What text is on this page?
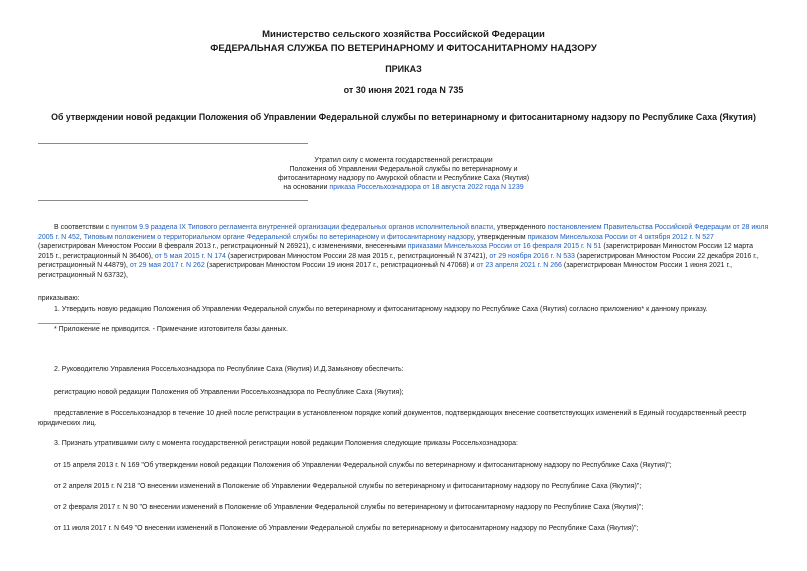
Министерство сельского хозяйства Российской Федерации
ФЕДЕРАЛЬНАЯ СЛУЖБА ПО ВЕТЕРИНАРНОМУ И ФИТОСАНИТАРНОМУ НАДЗОРУ
ПРИКАЗ
от 30 июня 2021 года N 735
Об утверждении новой редакции Положения об Управлении Федеральной службы по ветеринарному и фитосанитарному надзору по Республике Саха (Якутия)
Утратил силу с момента государственной регистрации
Положения об Управлении Федеральной службы по ветеринарному и
фитосанитарному надзору по Амурской области и Республике Саха (Якутия)
на основании приказа Россельхознадзора от 18 августа 2022 года N 1239
В соответствии с пунктом 9.9 раздела IX Типового регламента внутренней организации федеральных органов исполнительной власти, утвержденного постановлением Правительства Российской Федерации от 28 июля 2005 г. N 452, Типовым положением о территориальном органе Федеральной службы по ветеринарному и фитосанитарному надзору, утвержденным приказом Минсельхоза России от 4 октября 2012 г. N 527 (зарегистрирован Минюстом России 8 февраля 2013 г., регистрационный N 26921), с изменениями, внесенными приказами Минсельхоза России от 16 февраля 2015 г. N 51 (зарегистрирован Минюстом России 12 марта 2015 г., регистрационный N 36406), от 5 мая 2015 г. N 174 (зарегистрирован Минюстом России 28 мая 2015 г., регистрационный N 37421), от 29 ноября 2016 г. N 533 (зарегистрирован Минюстом России 22 декабря 2016 г., регистрационный N 44879), от 29 мая 2017 г. N 262 (зарегистрирован Минюстом России 19 июня 2017 г., регистрационный N 47068) и от 23 апреля 2021 г. N 266 (зарегистрирован Минюстом России 1 июня 2021 г., регистрационный N 63732),
приказываю:
1. Утвердить новую редакцию Положения об Управлении Федеральной службы по ветеринарному и фитосанитарному надзору по Республике Саха (Якутия) согласно приложению* к данному приказу.
________________
* Приложение не приводится. - Примечание изготовителя базы данных.
2. Руководителю Управления Россельхознадзора по Республике Саха (Якутия) И.Д.Замьянову обеспечить:
регистрацию новой редакции Положения об Управлении Россельхознадзора по Республике Саха (Якутия);
представление в Россельхознадзор в течение 10 дней после регистрации в установленном порядке копий документов, подтверждающих внесение соответствующих изменений в Единый государственный реестр юридических лиц.
3. Признать утратившими силу с момента государственной регистрации новой редакции Положения следующие приказы Россельхознадзора:
от 15 апреля 2013 г. N 169 "Об утверждении новой редакции Положения об Управлении Федеральной службы по ветеринарному и фитосанитарному надзору по Республике Саха (Якутия)";
от 2 апреля 2015 г. N 218 "О внесении изменений в Положение об Управлении Федеральной службы по ветеринарному и фитосанитарному надзору по Республике Саха (Якутия)";
от 2 февраля 2017 г. N 90 "О внесении изменений в Положение об Управлении Федеральной службы по ветеринарному и фитосанитарному надзору по Республике Саха (Якутия)";
от 11 июля 2017 г. N 649 "О внесении изменений в Положение об Управлении Федеральной службы по ветеринарному и фитосанитарному надзору по Республике Саха (Якутия)";
